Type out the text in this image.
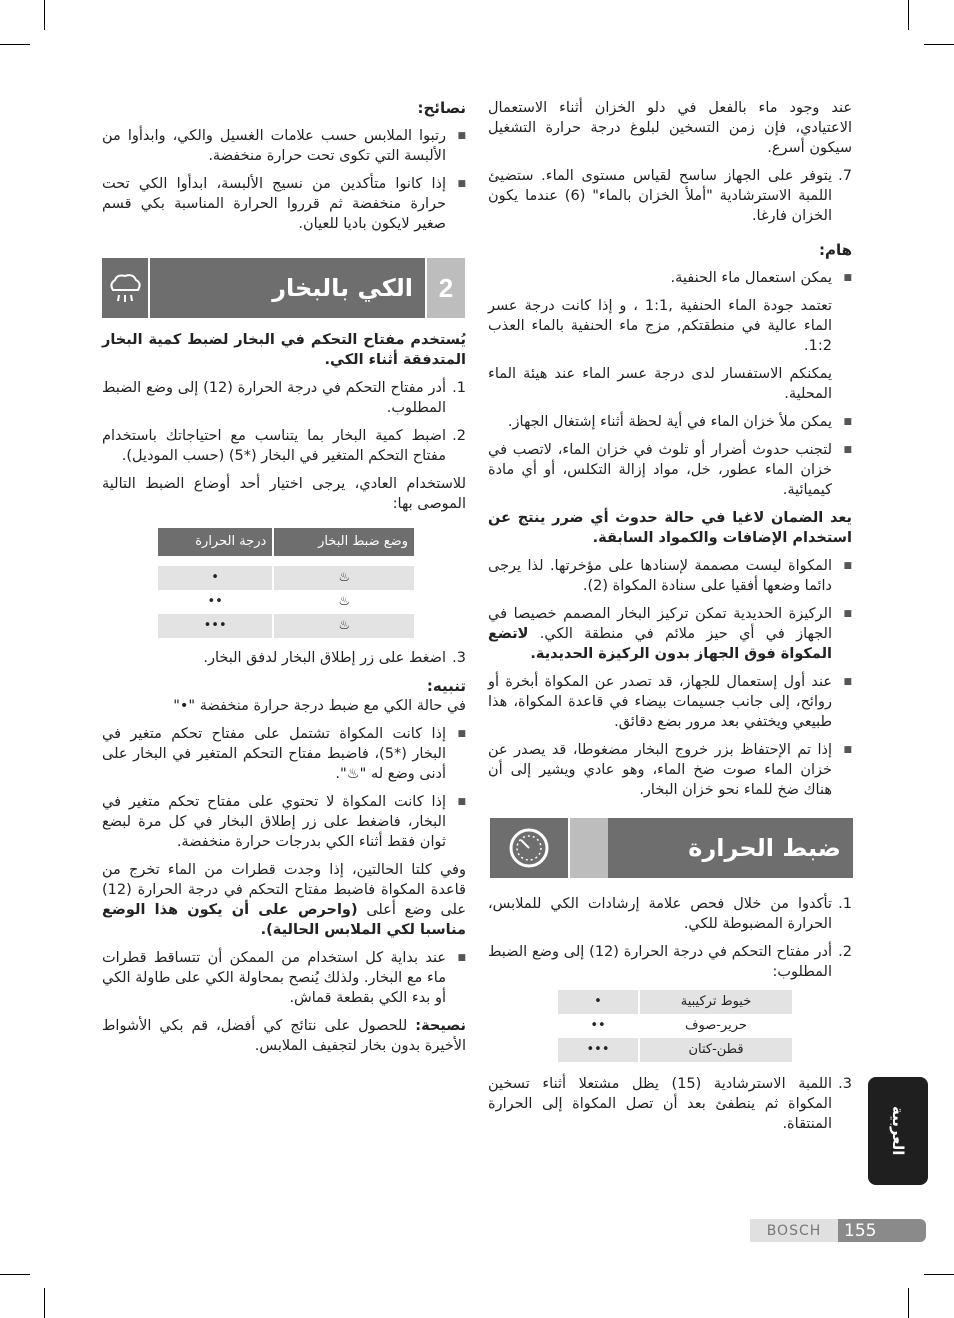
عند وجود ماء بالفعل في دلو الخزان أثناء الاستعمال الاعتيادي، فإن زمن التسخين لبلوغ درجة حرارة التشغيل سيكون أسرع.

7.
يتوفر على الجهاز ساسح لقياس مستوى الماء. ستضيئ اللمبة الاسترشادية "أملأ الخزان بالماء" (6) عندما يكون الخزان فارغا.
هام:
■
يمكن استعمال ماء الحنفية.
تعتمد جودة الماء الحنفية ,1:1 ، و إذا كانت درجة عسر الماء عالية في منطقتكم, مزج ماء الحنفية بالماء العذب 1:2.
يمكنكم الاستفسار لدى درجة عسر الماء عند هيئة الماء المحلية.
■
يمكن ملأ خزان الماء في أية لحظة أثناء إشتغال الجهاز.
■
لتجنب حدوث أضرار أو تلوث في خزان الماء، لاتصب في خزان الماء عطور، خل، مواد إزالة التكلس، أو أي مادة كيميائية.

يعد الضمان لاغيا في حالة حدوث أي ضرر ينتج عن استخدام الإضافات والكمواد السابقة.

■
المكواة ليست مصممة لإسنادها على مؤخرتها. لذا يرجى دائما وضعها أفقيا على سنادة المكواة (2).
■
الركيزة الحديدية تمكن تركيز البخار المصمم خصيصا في الجهاز في أي حيز ملائم في منطقة الكي. لاتضع المكواة فوق الجهاز بدون الركيزة الحديدية.
■
عند أول إستعمال للجهاز، قد تصدر عن المكواة أبخرة أو روائح، إلى جانب جسيمات بيضاء في قاعدة المكواة، هذا طبيعي ويختفي بعد مرور بضع دقائق.
■
إذا تم الإحتفاظ بزر خروج البخار مضغوطا، قد يصدر عن خزان الماء صوت ضخ الماء، وهو عادي ويشير إلى أن هناك ضخ للماء نحو خزان البخار.
ضبط الحرارة
1.
تأكدوا من خلال فحص علامة إرشادات الكي للملابس، الحرارة المضبوطة للكي.
2.
أدر مفتاح التحكم في درجة الحرارة (12) إلى وضع الضبط المطلوب:
خيوط تركيبية	•
حرير-صوف	••
قطن-كتان	•••
3.
اللمبة الاسترشادية (15) يظل مشتعلا أثناء تسخين المكواة ثم ينطفئ بعد أن تصل المكواة إلى الحرارة المنتقاة.
نصائح:
■
رتبوا الملابس حسب علامات الغسيل والكي، وابدأوا من الألبسة التي تكوى تحت حرارة منخفضة.
■
إذا كانوا متأكدين من نسيج الألبسة، ابدأوا الكي تحت حرارة منخفضة ثم قرروا الحرارة المناسبة بكي قسم صغير لايكون باديا للعيان.
2
الكي بالبخار

يُستخدم مفتاح التحكم في البخار لضبط كمية البخار المتدفقة أثناء الكي.

1.
أدر مفتاح التحكم في درجة الحرارة (12) إلى وضع الضبط المطلوب.
2.
اضبط كمية البخار بما يتناسب مع احتياجاتك باستخدام مفتاح التحكم المتغير في البخار (*5) (حسب الموديل).

للاستخدام العادي، يرجى اختيار أحد أوضاع الضبط التالية الموصى بها:

وضع ضبط البخار	درجة الحرارة

♨	•
♨	••
♨	•••
3.
اضغط على زر إطلاق البخار لدفق البخار.
تنبيه:

في حالة الكي مع ضبط درجة حرارة منخفضة "•"

■
إذا كانت المكواة تشتمل على مفتاح تحكم متغير في البخار (*5)، فاضبط مفتاح التحكم المتغير في البخار على أدنى وضع له "♨".
■
إذا كانت المكواة لا تحتوي على مفتاح تحكم متغير في البخار، فاضغط على زر إطلاق البخار في كل مرة لبضع ثوان فقط أثناء الكي بدرجات حرارة منخفضة.

وفي كلتا الحالتين، إذا وجدت قطرات من الماء تخرج من قاعدة المكواة فاضبط مفتاح التحكم في درجة الحرارة (12) على وضع أعلى (واحرص على أن يكون هذا الوضع مناسبا لكي الملابس الحالية).

■
عند بداية كل استخدام من الممكن أن تتساقط قطرات ماء مع البخار. ولذلك يُنصح بمحاولة الكي على طاولة الكي أو بدء الكي بقطعة قماش.

نصيحة: للحصول على نتائج كي أفضل، قم بكي الأشواط الأخيرة بدون بخار لتجفيف الملابس.

العربية
BOSCH	155
